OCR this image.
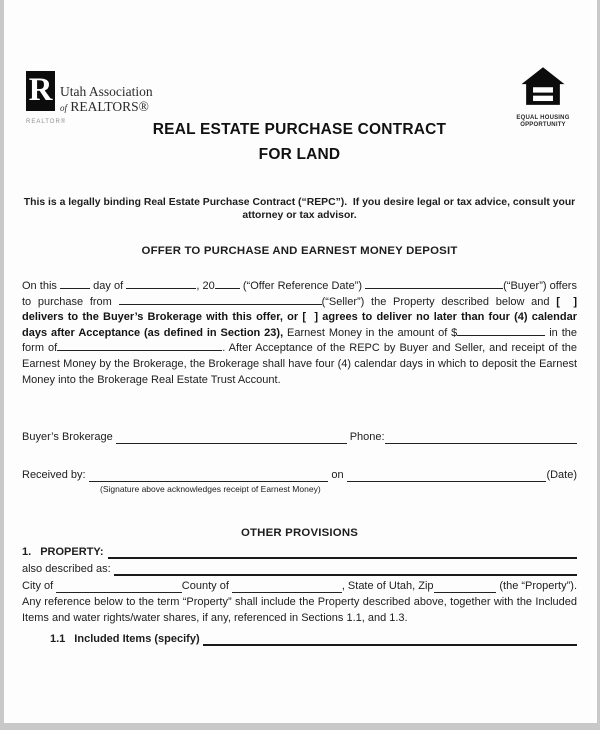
R Utah Association
of REALTORS®
REALTOR®
EQUAL HOUSING
OPPORTUNITY
REAL ESTATE PURCHASE CONTRACT
FOR LAND
This is a legally binding Real Estate Purchase Contract (“REPC”).  If you desire legal or tax advice, consult your attorney or tax advisor.
OFFER TO PURCHASE AND EARNEST MONEY DEPOSIT

On this	day of	, 20	(“Offer Reference Date”)	(“Buyer”) offers to purchase from	(“Seller”) the Property described below and [  ] delivers to the Buyer’s Brokerage with this offer, or [  ] agrees to deliver no later than four (4) calendar days after Acceptance (as defined in Section 23), Earnest Money in the amount of $	in the form of	. After Acceptance of the REPC by Buyer and Seller, and receipt of the Earnest Money by the Brokerage, the Brokerage shall have four (4) calendar days in which to deposit the Earnest Money into the Brokerage Real Estate Trust Account.

Buyer’s Brokerage	Phone:
Received by:	on	(Date)
(Signature above acknowledges receipt of Earnest Money)
OTHER PROVISIONS
1. PROPERTY:
also described as:
City of	County of	, State of Utah, Zip	(the “Property”).

Any reference below to the term “Property” shall include the Property described above, together with the Included Items and water rights/water shares, if any, referenced in Sections 1.1, and 1.3.

1.1 Included Items (specify)
